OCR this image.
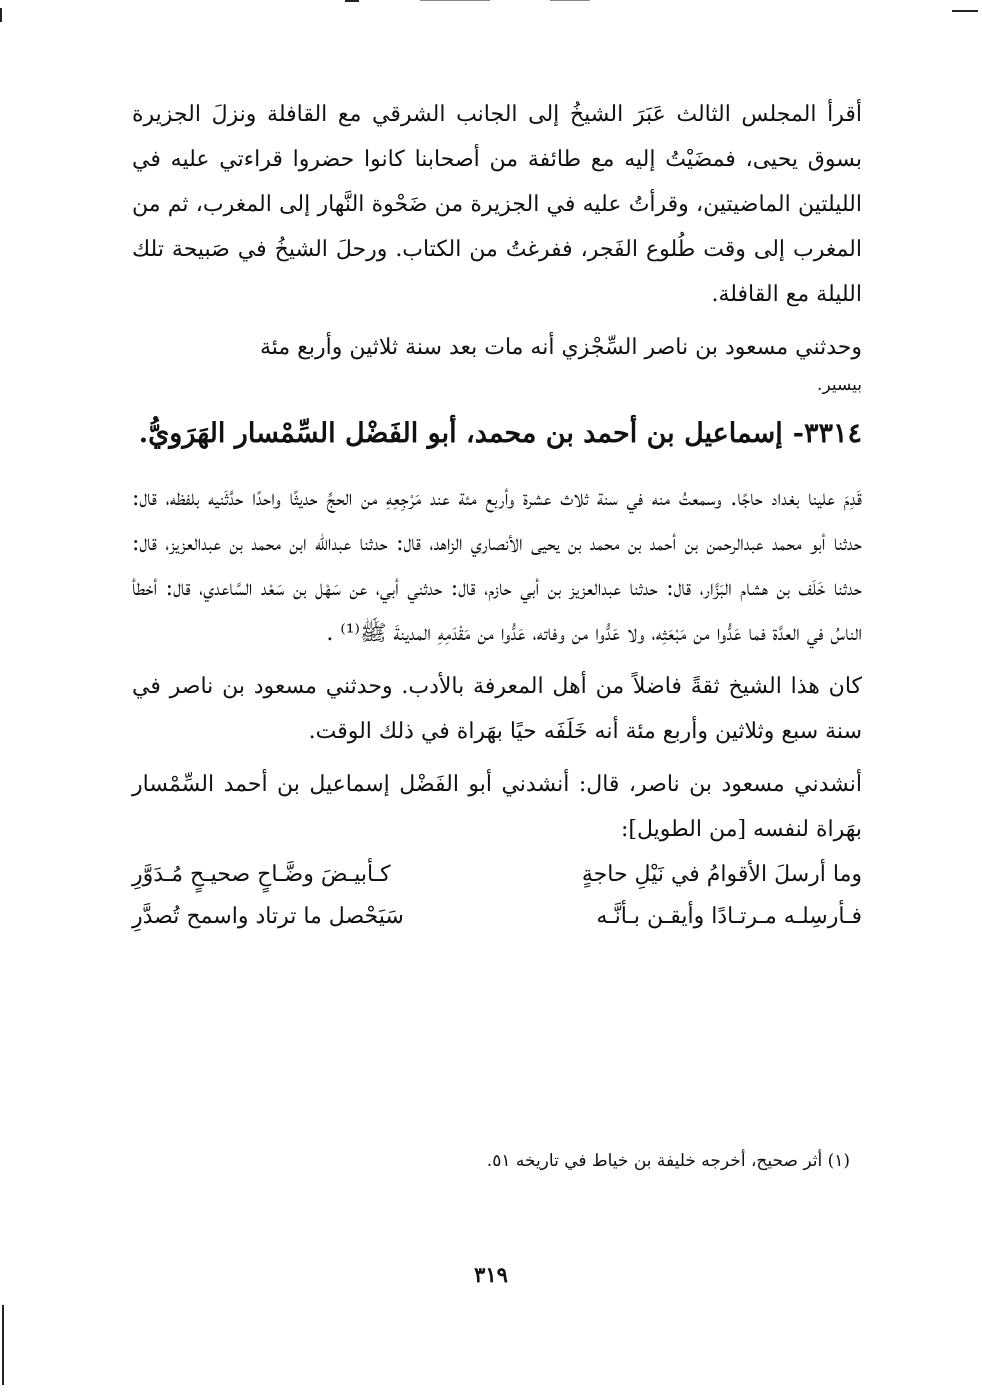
أقرأ المجلس الثالث عَبَرَ الشيخُ إلى الجانب الشرقي مع القافلة ونزلَ الجزيرة بسوق يحيى، فمضَيْتُ إليه مع طائفة من أصحابنا كانوا حضروا قراءتي عليه في الليلتين الماضيتين، وقرأتُ عليه في الجزيرة من ضَحْوة النَّهار إلى المغرب، ثم من المغرب إلى وقت طُلوع الفَجر، ففرغتُ من الكتاب. ورحلَ الشيخُ في صَبيحة تلك الليلة مع القافلة.

وحدثني مسعود بن ناصر السِّجْزي أنه مات بعد سنة ثلاثين وأربع مئة

بيسير.

٣٣١٤-إسماعيل بن أحمد بن محمد، أبو الفَضْل السِّمْسار الهَرَويُّ.

قَدِمَ علينا بغداد حاجًا. وسمعتُ منه في سنة ثلاث عشرة وأربع مئة عند مَرْجِعِهِ من الحجِّ حديثًا واحدًا حدَّثَنيه بلفظه، قال: حدثنا أبو محمد عبدالرحمن بن أحمد بن محمد بن يحيى الأنصاري الزاهد، قال: حدثنا عبدالله ابن محمد بن عبدالعزيز، قال: حدثنا خَلَف بن هشام البَزَّار، قال: حدثنا عبدالعزيز بن أبي حازم، قال: حدثني أبي، عن سَهْل بن سَعْد السَّاعدي، قال: أخطأ الناسُ في العدَّة فما عَدُّوا من مَبْعَثِه، ولا عَدُّوا من وفاته، عَدُّوا من مَقْدَمِهِ المدينةَ ﷺ⁽¹⁾ .

كان هذا الشيخ ثقةً فاضلاً من أهل المعرفة بالأدب. وحدثني مسعود بن ناصر في سنة سبع وثلاثين وأربع مئة أنه خَلَفَه حيًا بهَراة في ذلك الوقت.

أنشدني مسعود بن ناصر، قال: أنشدني أبو الفَضْل إسماعيل بن أحمد السِّمْسار بهَراة لنفسه [من الطويل]:

وما أرسلَ الأقوامُ في نَيْلِ حاجةٍ
كـأبيـضَ وضَّـاحٍ صحيـحٍ مُـدَوَّرِ
فـأرسِلـه مـرتـادًا وأيقـن بـأنَّـه
سَيَحْصل ما ترتاد واسمح تُصدَّرِ

(١) أثر صحيح، أخرجه خليفة بن خياط في تاريخه ٥١.

٣١٩
